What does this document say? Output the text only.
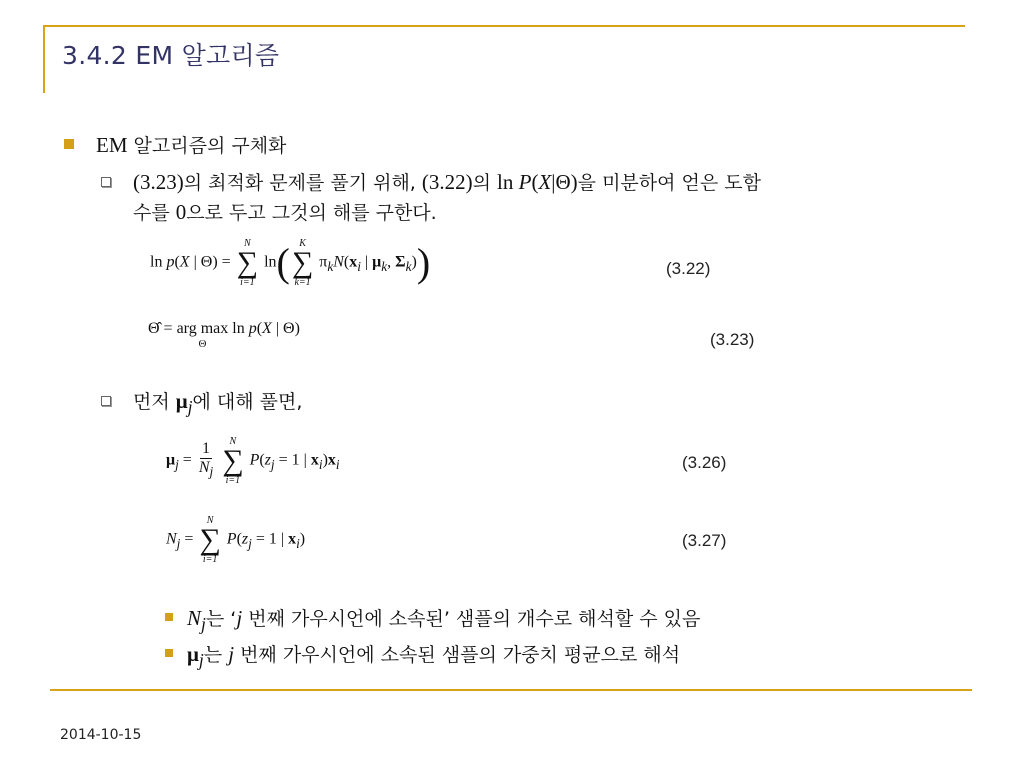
3.4.2 EM 알고리즘
EM 알고리즘의 구체화
(3.23)의 최적화 문제를 풀기 위해, (3.22)의 ln P(X|Θ)을 미분하여 얻은 도함
수를 0으로 두고 그것의 해를 구한다.
ln p(X | Θ) =
N
∑
i=1
ln( K
∑
k=1
$\pi_kN(x_i$ | $\mu_k$, $\Sigma_k$))	(3.22)
Θ̂ = arg max
Θ
ln p(X | Θ)
(3.23)
먼저 $\mu_j$에 대해 풀면,
$\mu_j = \frac{1}{N_j}$
N
∑
i=1
$P(z_j = 1$ | $x_i)x_i$	(3.26)
$N_j$ =
N
∑
i=1
$P(z_j = 1$ | $x_i$)	(3.27)
$N_j$는 ‘j 번째 가우시언에 소속된’ 샘플의 개수로 해석할 수 있음
$\mu_j$는 j 번째 가우시언에 소속된 샘플의 가중치 평균으로 해석
2014-10-15
